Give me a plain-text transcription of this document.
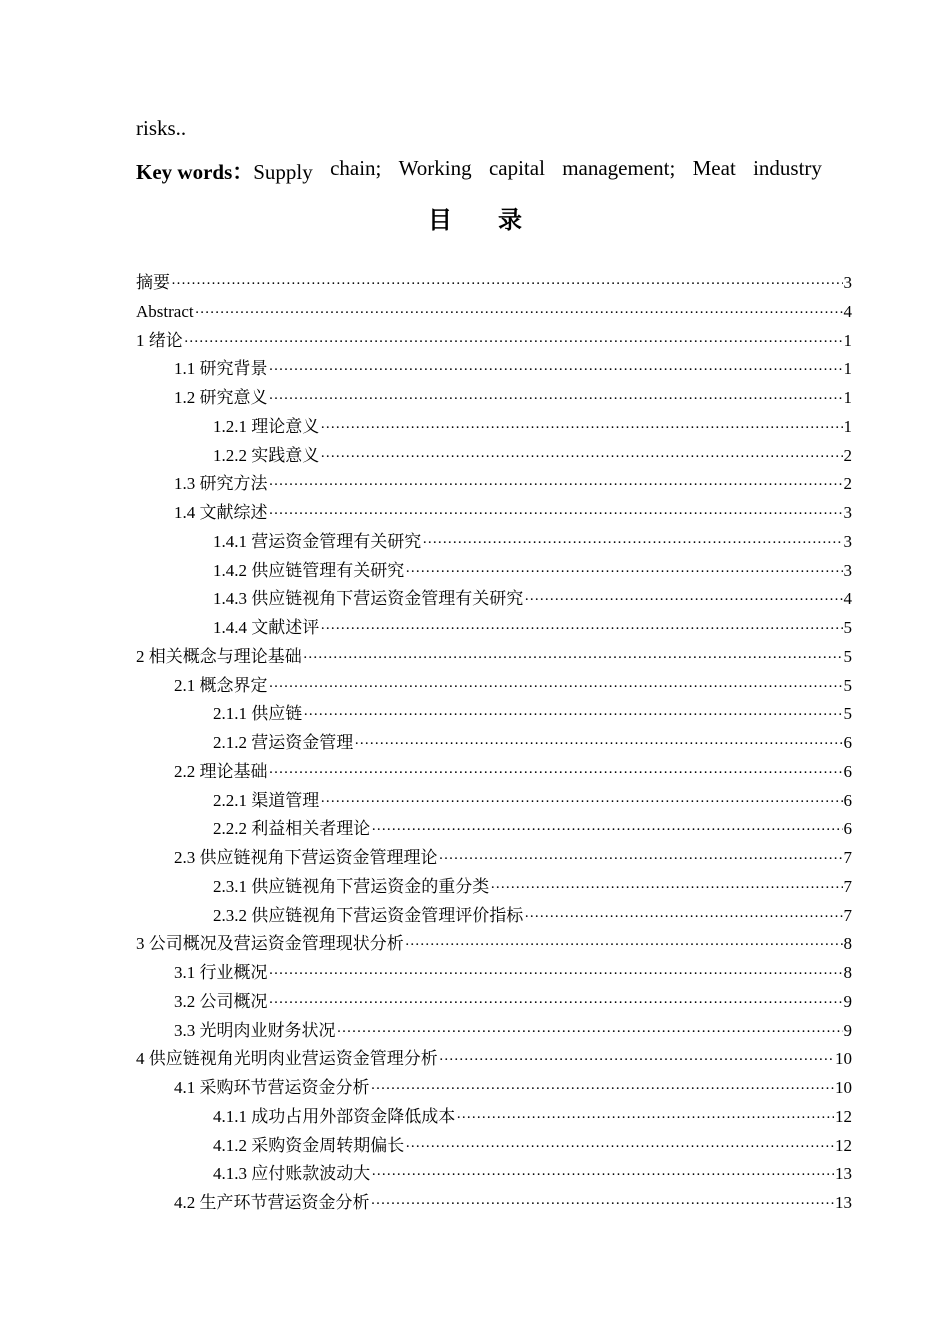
risks..
Key words：Supply chain; Working capital management; Meat industry
目录
摘要 ·····	3
Abstract ·····	4
1 绪论 ·····	1
1.1 研究背景 ·····	1
1.2 研究意义 ·····	1
1.2.1 理论意义 ·····	1
1.2.2 实践意义 ·····	2
1.3 研究方法 ·····	2
1.4 文献综述 ·····	3
1.4.1 营运资金管理有关研究 ·····	3
1.4.2 供应链管理有关研究 ·····	3
1.4.3 供应链视角下营运资金管理有关研究 ·····	4
1.4.4 文献述评 ·····	5
2 相关概念与理论基础 ·····	5
2.1 概念界定 ·····	5
2.1.1 供应链 ·····	5
2.1.2 营运资金管理 ·····	6
2.2 理论基础 ·····	6
2.2.1 渠道管理 ·····	6
2.2.2 利益相关者理论 ·····	6
2.3 供应链视角下营运资金管理理论 ·····	7
2.3.1 供应链视角下营运资金的重分类 ·····	7
2.3.2 供应链视角下营运资金管理评价指标 ·····	7
3 公司概况及营运资金管理现状分析 ·····	8
3.1 行业概况 ·····	8
3.2 公司概况 ·····	9
3.3 光明肉业财务状况 ·····	9
4 供应链视角光明肉业营运资金管理分析 ·····	10
4.1 采购环节营运资金分析 ·····	10
4.1.1 成功占用外部资金降低成本 ·····	12
4.1.2 采购资金周转期偏长 ·····	12
4.1.3 应付账款波动大 ·····	13
4.2 生产环节营运资金分析 ·····	13
